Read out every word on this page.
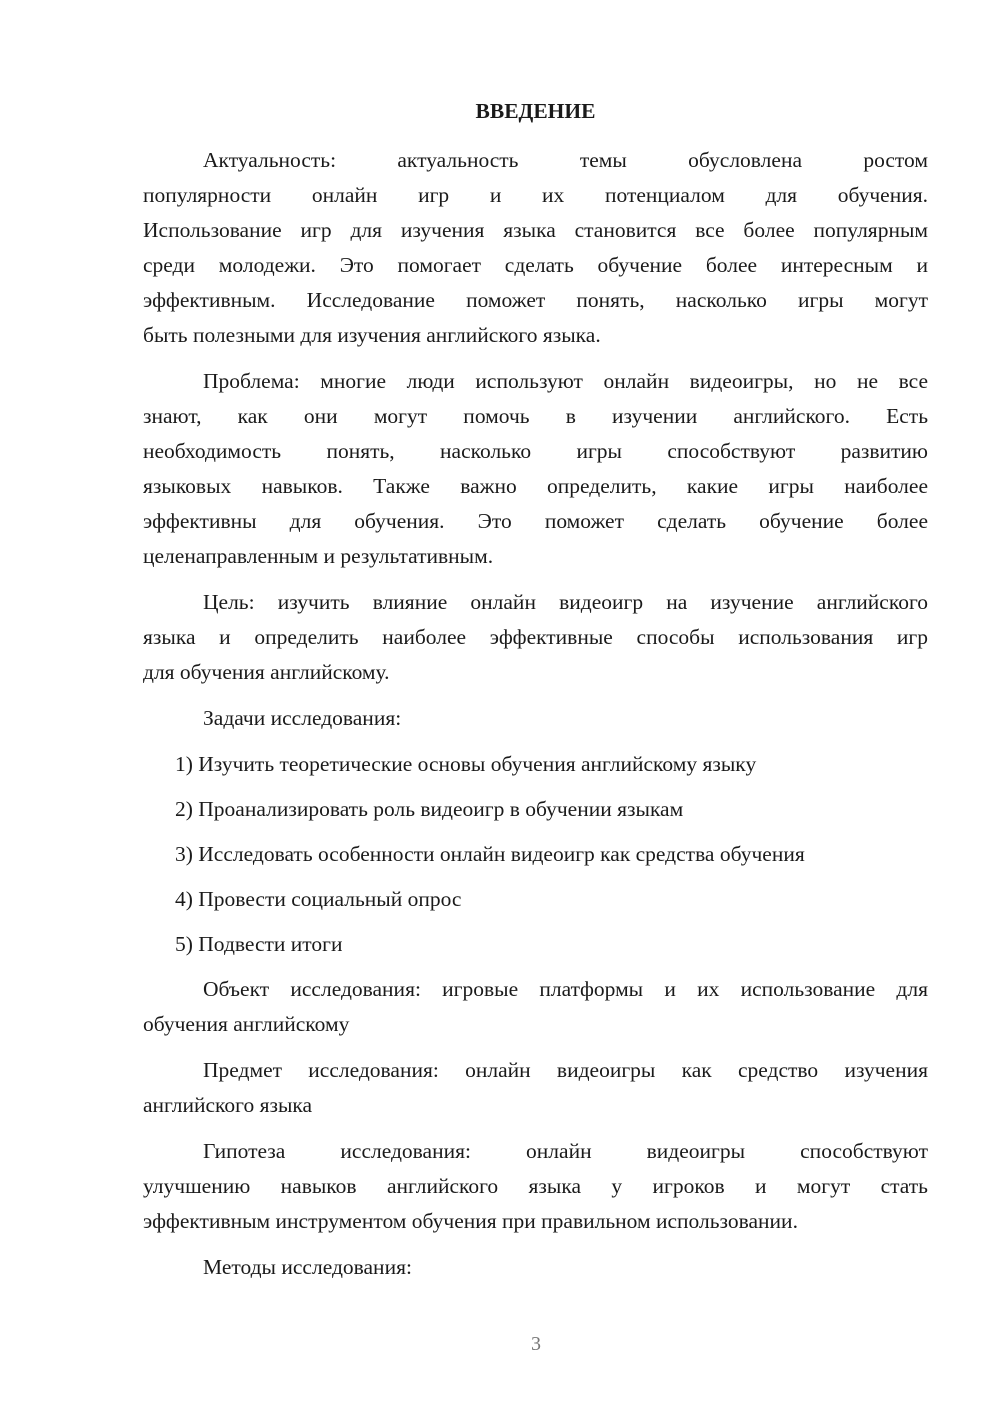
ВВЕДЕНИЕ
Актуальность: актуальность темы обусловлена ростом
популярности онлайн игр и их потенциалом для обучения.
Использование игр для изучения языка становится все более популярным
среди молодежи. Это помогает сделать обучение более интересным и
эффективным. Исследование поможет понять, насколько игры могут
быть полезными для изучения английского языка.
Проблема: многие люди используют онлайн видеоигры, но не все
знают, как они могут помочь в изучении английского. Есть
необходимость понять, насколько игры способствуют развитию
языковых навыков. Также важно определить, какие игры наиболее
эффективны для обучения. Это поможет сделать обучение более
целенаправленным и результативным.
Цель: изучить влияние онлайн видеоигр на изучение английского
языка и определить наиболее эффективные способы использования игр
для обучения английскому.
Задачи исследования:
1) Изучить теоретические основы обучения английскому языку
2) Проанализировать роль видеоигр в обучении языкам
3) Исследовать особенности онлайн видеоигр как средства обучения
4) Провести социальный опрос
5) Подвести итоги
Объект исследования: игровые платформы и их использование для
обучения английскому
Предмет исследования: онлайн видеоигры как средство изучения
английского языка
Гипотеза исследования: онлайн видеоигры способствуют
улучшению навыков английского языка у игроков и могут стать
эффективным инструментом обучения при правильном использовании.
Методы исследования:
3
